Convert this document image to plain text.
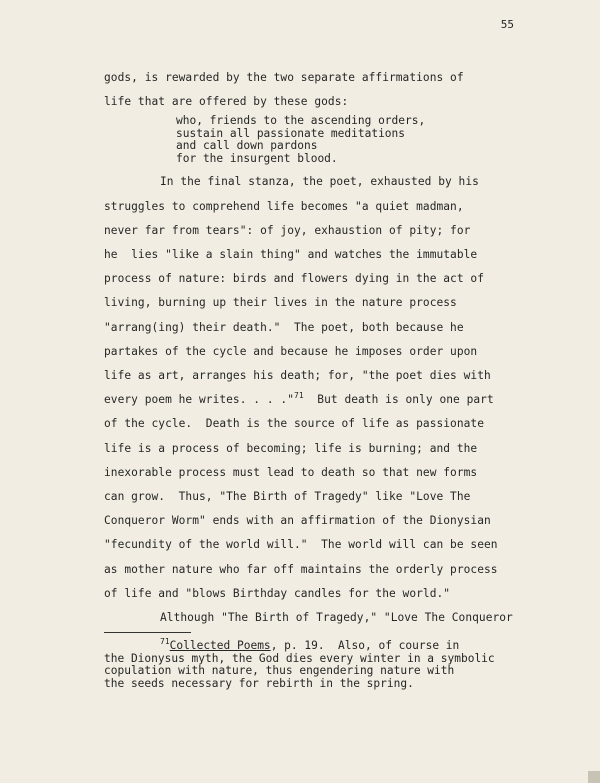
55
gods, is rewarded by the two separate affirmations of
life that are offered by these gods:
who, friends to the ascending orders,
sustain all passionate meditations
and call down pardons
for the insurgent blood.
In the final stanza, the poet, exhausted by his
struggles to comprehend life becomes "a quiet madman,
never far from tears": of joy, exhaustion of pity; for
he  lies "like a slain thing" and watches the immutable
process of nature: birds and flowers dying in the act of
living, burning up their lives in the nature process
"arrang(ing) their death."  The poet, both because he
partakes of the cycle and because he imposes order upon
life as art, arranges his death; for, "the poet dies with
every poem he writes. . . ."$^{71}$  But death is only one part
of the cycle.  Death is the source of life as passionate
life is a process of becoming; life is burning; and the
inexorable process must lead to death so that new forms
can grow.  Thus, "The Birth of Tragedy" like "Love The
Conqueror Worm" ends with an affirmation of the Dionysian
"fecundity of the world will."  The world will can be seen
as mother nature who far off maintains the orderly process
of life and "blows Birthday candles for the world."
Although "The Birth of Tragedy," "Love The Conqueror
$^{71}$Collected Poems, p. 19.  Also, of course in
the Dionysus myth, the God dies every winter in a symbolic
copulation with nature, thus engendering nature with
the seeds necessary for rebirth in the spring.
